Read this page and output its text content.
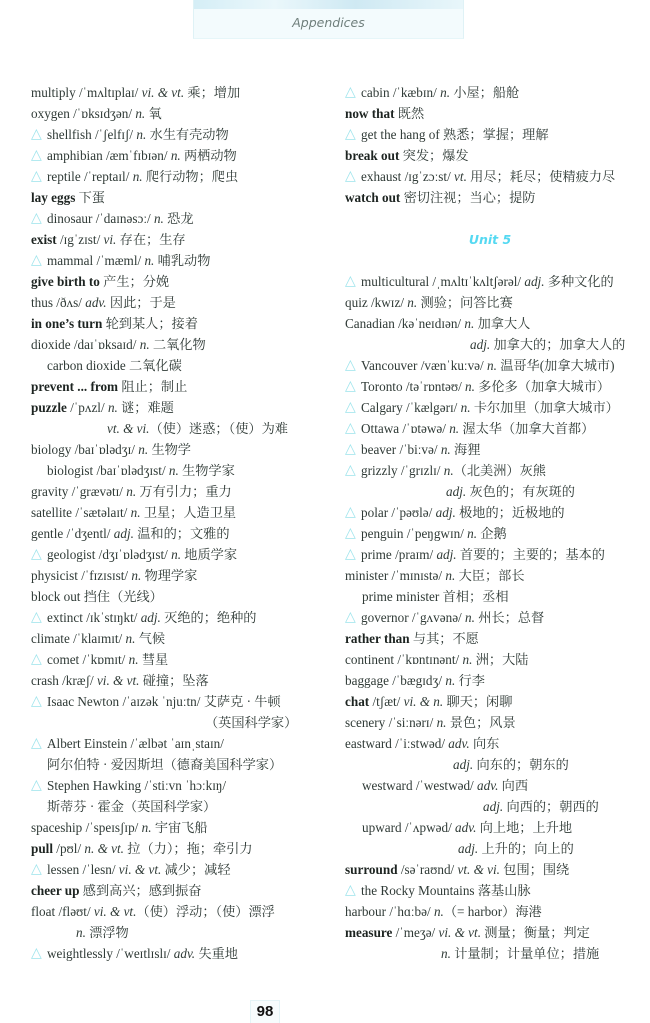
Appendices
multiply /ˈmʌltɪplaɪ/ vi. & vt. 乘；增加
oxygen /ˈɒksɪdʒən/ n. 氧
△ shellfish /ˈʃelfɪʃ/ n. 水生有壳动物
△ amphibian /æmˈfɪbɪən/ n. 两栖动物
△ reptile /ˈreptaɪl/ n. 爬行动物；爬虫
lay eggs 下蛋
△ dinosaur /ˈdaɪnəsɔː/ n. 恐龙
exist /ɪgˈzɪst/ vi. 存在；生存
△ mammal /ˈmæml/ n. 哺乳动物
give birth to 产生；分娩
thus /ðʌs/ adv. 因此；于是
in one’s turn 轮到某人；接着
dioxide /daɪˈɒksaɪd/ n. 二氧化物
carbon dioxide 二氧化碳
prevent ... from 阻止；制止
puzzle /ˈpʌzl/ n. 谜；难题
vt. & vi.（使）迷惑；（使）为难
biology /baɪˈɒlədʒɪ/ n. 生物学
biologist /baɪˈɒlədʒɪst/ n. 生物学家
gravity /ˈgrævətɪ/ n. 万有引力；重力
satellite /ˈsætəlaɪt/ n. 卫星；人造卫星
gentle /ˈdʒentl/ adj. 温和的；文雅的
△ geologist /dʒɪˈɒlədʒɪst/ n. 地质学家
physicist /ˈfɪzɪsɪst/ n. 物理学家
block out 挡住（光线）
△ extinct /ɪkˈstɪŋkt/ adj. 灭绝的；绝种的
climate /ˈklaɪmɪt/ n. 气候
△ comet /ˈkɒmɪt/ n. 彗星
crash /kræʃ/ vi. & vt. 碰撞；坠落
△ Isaac Newton /ˈaɪzək ˈnjuːtn/ 艾萨克 · 牛顿
（英国科学家）
△ Albert Einstein /ˈælbət ˈaɪnˌstaɪn/
阿尔伯特 · 爱因斯坦（德裔美国科学家）
△ Stephen Hawking /ˈstiːvn ˈhɔːkɪŋ/
斯蒂芬 · 霍金（英国科学家）
spaceship /ˈspeɪsʃɪp/ n. 宇宙飞船
pull /pʊl/ n. & vt. 拉（力）；拖；牵引力
△ lessen /ˈlesn/ vi. & vt. 减少；减轻
cheer up 感到高兴；感到振奋
float /fləʊt/ vi. & vt.（使）浮动；（使）漂浮
n. 漂浮物
△ weightlessly /ˈweɪtlɪslɪ/ adv. 失重地
△ cabin /ˈkæbɪn/ n. 小屋；船舱
now that 既然
△ get the hang of 熟悉；掌握；理解
break out 突发；爆发
△ exhaust /ɪgˈzɔːst/ vt. 用尽；耗尽；使精疲力尽
watch out 密切注视；当心；提防
Unit 5
△ multicultural /ˌmʌltɪˈkʌltʃərəl/ adj. 多种文化的
quiz /kwɪz/ n. 测验；问答比赛
Canadian /kəˈneɪdɪən/ n. 加拿大人
adj. 加拿大的；加拿大人的
△ Vancouver /vænˈkuːvə/ n. 温哥华(加拿大城市)
△ Toronto /təˈrɒntəʊ/ n. 多伦多（加拿大城市）
△ Calgary /ˈkælgərɪ/ n. 卡尔加里（加拿大城市）
△ Ottawa /ˈɒtəwə/ n. 渥太华（加拿大首都）
△ beaver /ˈbiːvə/ n. 海狸
△ grizzly /ˈgrɪzlɪ/ n.（北美洲）灰熊
adj. 灰色的；有灰斑的
△ polar /ˈpəʊlə/ adj. 极地的；近极地的
△ penguin /ˈpeŋgwɪn/ n. 企鹅
△ prime /praɪm/ adj. 首要的；主要的；基本的
minister /ˈmɪnɪstə/ n. 大臣；部长
prime minister 首相；丞相
△ governor /ˈgʌvənə/ n. 州长；总督
rather than 与其；不愿
continent /ˈkɒntɪnənt/ n. 洲；大陆
baggage /ˈbægɪdʒ/ n. 行李
chat /tʃæt/ vi. & n. 聊天；闲聊
scenery /ˈsiːnərɪ/ n. 景色；风景
eastward /ˈiːstwəd/ adv. 向东
adj. 向东的；朝东的
westward /ˈwestwəd/ adv. 向西
adj. 向西的；朝西的
upward /ˈʌpwəd/ adv. 向上地；上升地
adj. 上升的；向上的
surround /səˈraʊnd/ vt. & vi. 包围；围绕
△ the Rocky Mountains 落基山脉
harbour /ˈhɑːbə/ n.（= harbor）海港
measure /ˈmeʒə/ vi. & vt. 测量；衡量；判定
n. 计量制；计量单位；措施
98
